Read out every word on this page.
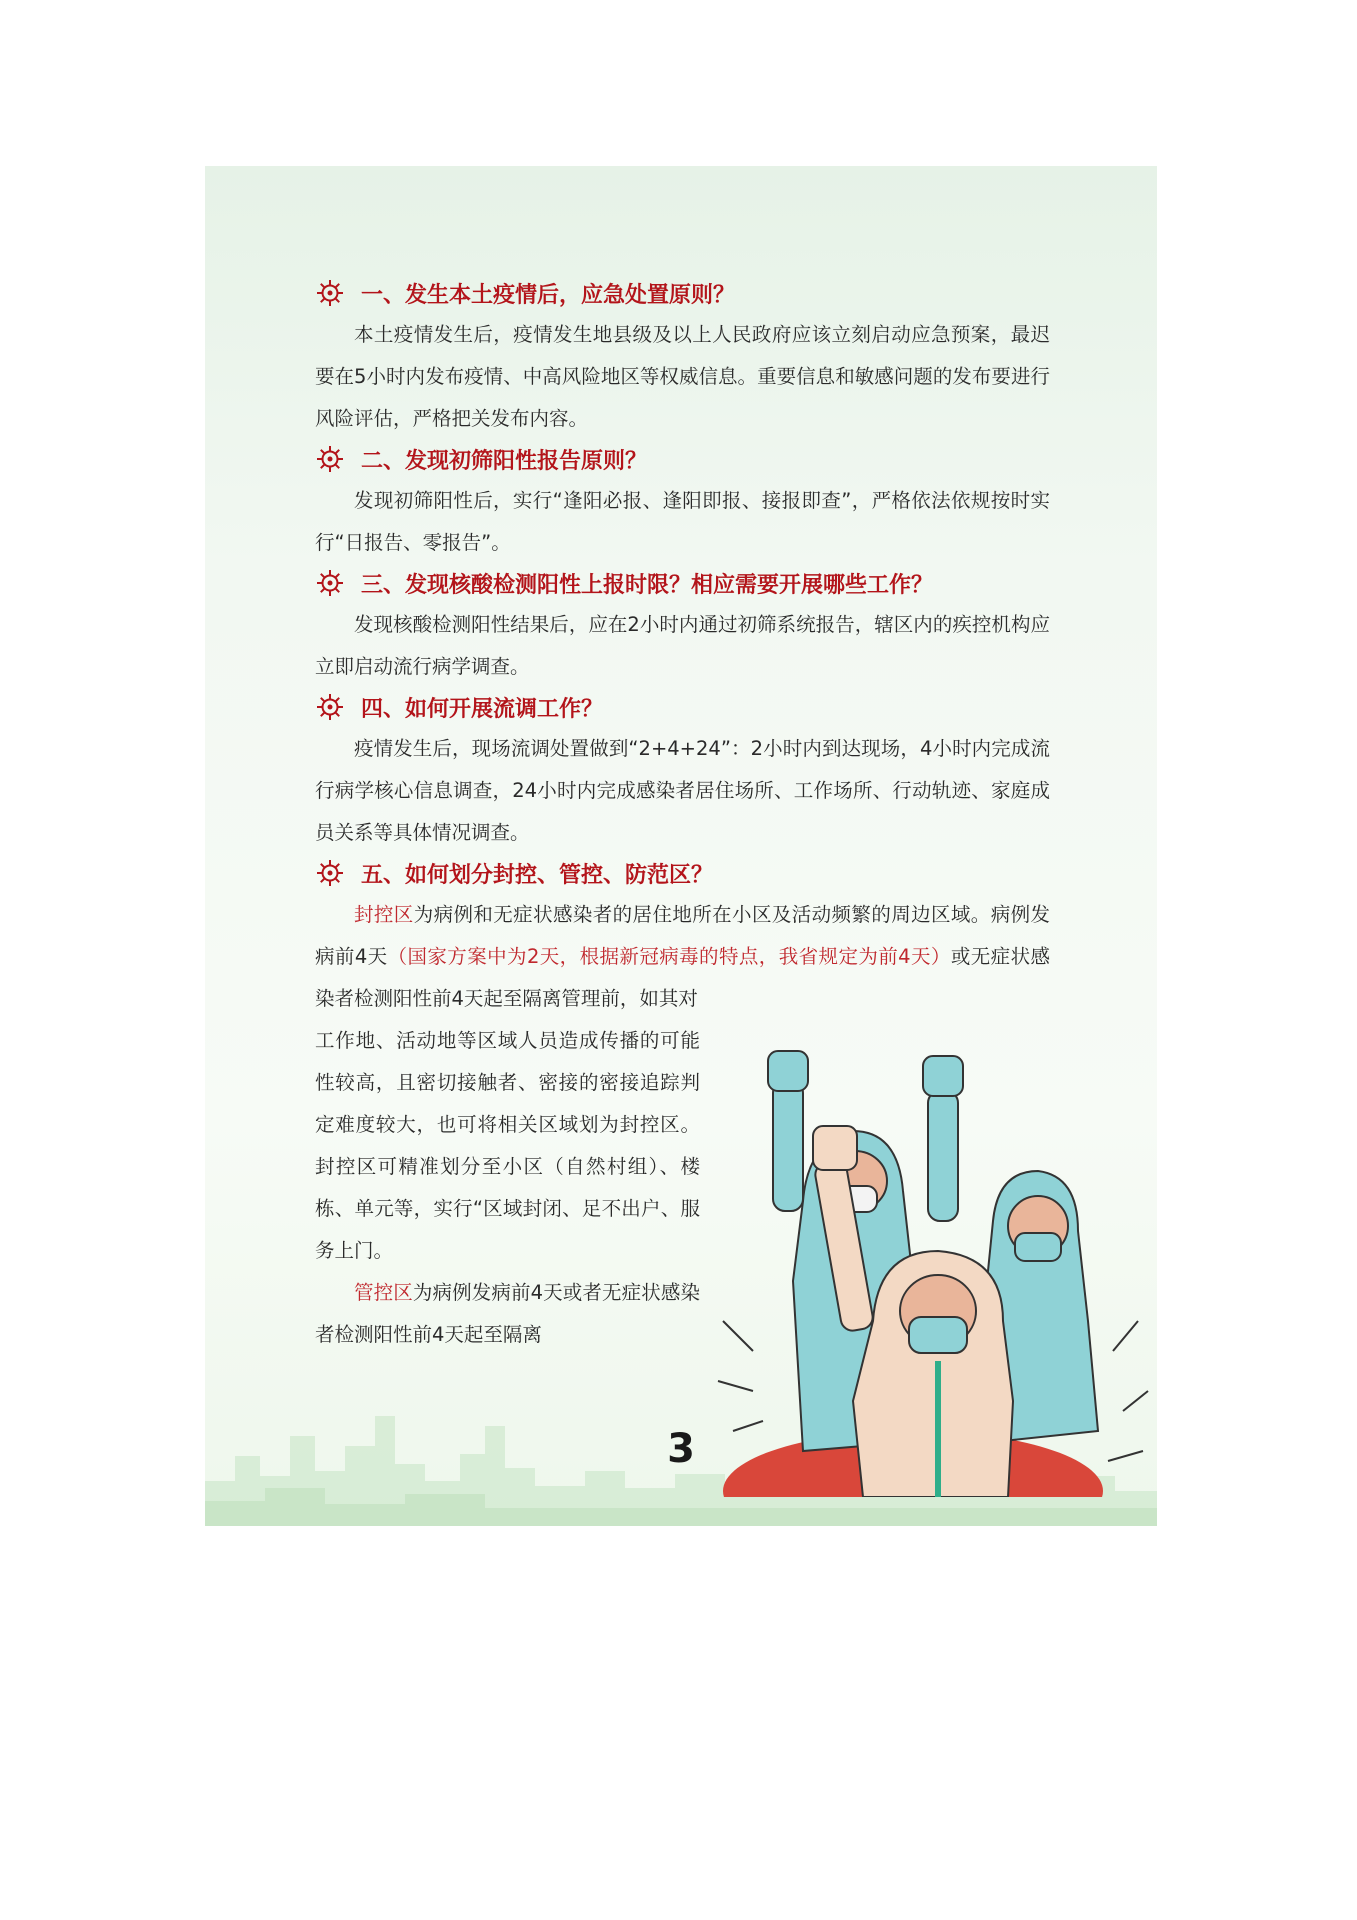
一、发生本土疫情后，应急处置原则？

本土疫情发生后，疫情发生地县级及以上人民政府应该立刻启动应急预案，最迟要在5小时内发布疫情、中高风险地区等权威信息。重要信息和敏感问题的发布要进行风险评估，严格把关发布内容。

二、发现初筛阳性报告原则？

发现初筛阳性后，实行“逢阳必报、逢阳即报、接报即查”，严格依法依规按时实行“日报告、零报告”。

三、发现核酸检测阳性上报时限？相应需要开展哪些工作？

发现核酸检测阳性结果后，应在2小时内通过初筛系统报告，辖区内的疾控机构应立即启动流行病学调查。

四、如何开展流调工作？

疫情发生后，现场流调处置做到“2+4+24”：2小时内到达现场，4小时内完成流行病学核心信息调查，24小时内完成感染者居住场所、工作场所、行动轨迹、家庭成员关系等具体情况调查。

五、如何划分封控、管控、防范区？

封控区为病例和无症状感染者的居住地所在小区及活动频繁的周边区域。病例发病前4天（国家方案中为2天，根据新冠病毒的特点，我省规定为前4天）或无症状感染者检测阳性前4天起至隔离管理前，如其对

工作地、活动地等区域人员造成传播的可能性较高，且密切接触者、密接的密接追踪判定难度较大，也可将相关区域划为封控区。封控区可精准划分至小区（自然村组）、楼栋、单元等，实行“区域封闭、足不出户、服务上门。

管控区为病例发病前4天或者无症状感染者检测阳性前4天起至隔离

3
